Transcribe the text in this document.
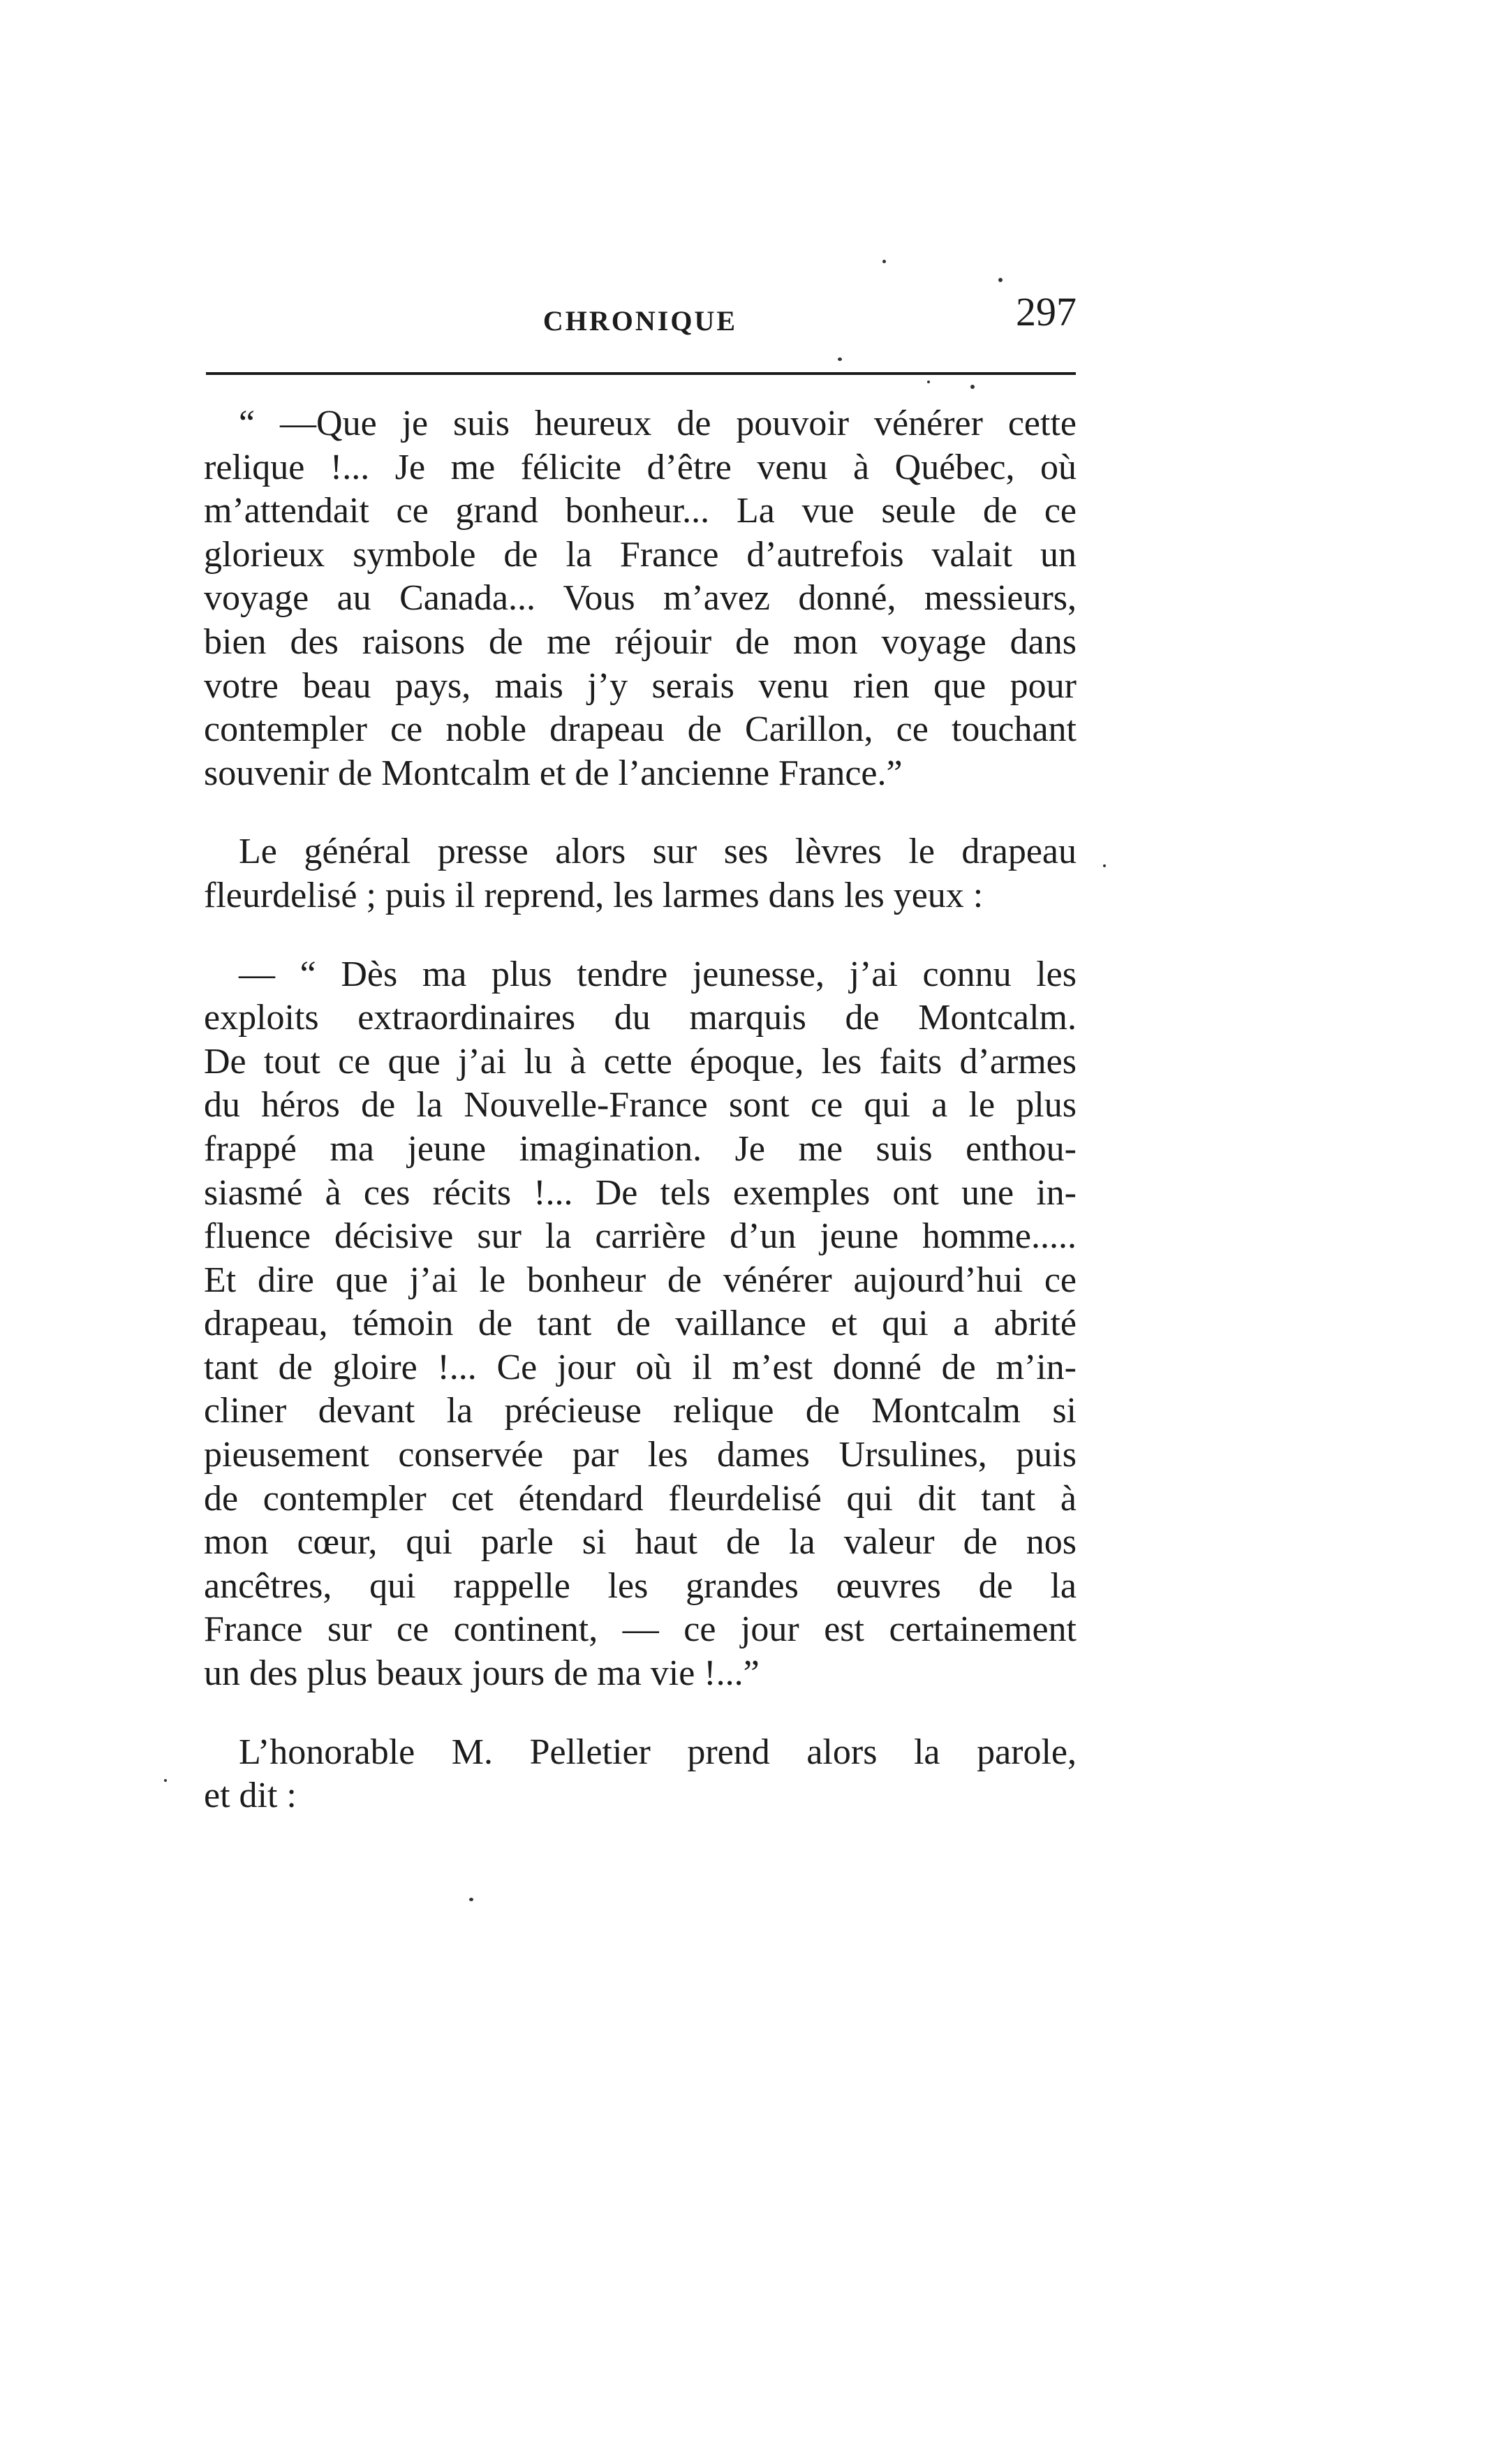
CHRONIQUE	297

“ —Que je suis heureux de pouvoir vénérer cette
relique !... Je me félicite d’être venu à Québec, où
m’attendait ce grand bonheur... La vue seule de ce
glorieux symbole de la France d’autrefois valait un
voyage au Canada... Vous m’avez donné, messieurs,
bien des raisons de me réjouir de mon voyage dans
votre beau pays, mais j’y serais venu rien que pour
contempler ce noble drapeau de Carillon, ce touchant
souvenir de Montcalm et de l’ancienne France.”

Le général presse alors sur ses lèvres le drapeau
fleurdelisé ; puis il reprend, les larmes dans les yeux :

— “ Dès ma plus tendre jeunesse, j’ai connu les
exploits extraordinaires du marquis de Montcalm.
De tout ce que j’ai lu à cette époque, les faits d’armes
du héros de la Nouvelle-France sont ce qui a le plus
frappé ma jeune imagination. Je me suis enthou-
siasmé à ces récits !... De tels exemples ont une in-
fluence décisive sur la carrière d’un jeune homme.....
Et dire que j’ai le bonheur de vénérer aujourd’hui ce
drapeau, témoin de tant de vaillance et qui a abrité
tant de gloire !... Ce jour où il m’est donné de m’in-
cliner devant la précieuse relique de Montcalm si
pieusement conservée par les dames Ursulines, puis
de contempler cet étendard fleurdelisé qui dit tant à
mon cœur, qui parle si haut de la valeur de nos
ancêtres, qui rappelle les grandes œuvres de la
France sur ce continent, — ce jour est certainement
un des plus beaux jours de ma vie !...”

L’honorable M. Pelletier prend alors la parole,
et dit :
